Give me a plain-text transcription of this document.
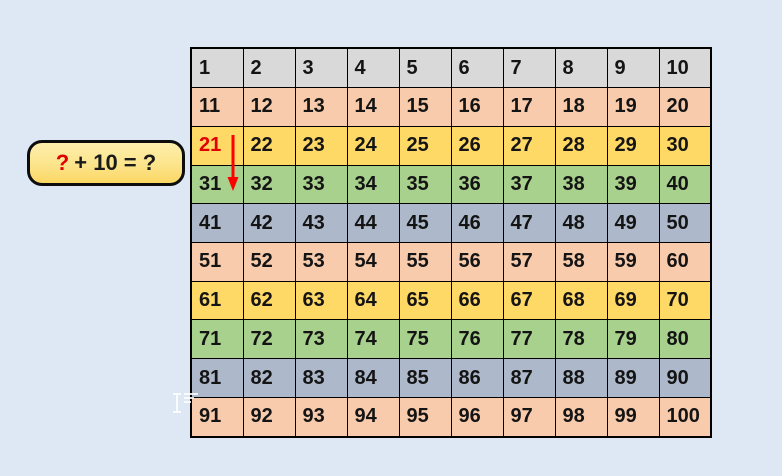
? + 10 = ?
1	2	3	4	5	6	7	8	9	10
11	12	13	14	15	16	17	18	19	20
21	22	23	24	25	26	27	28	29	30
31	32	33	34	35	36	37	38	39	40
41	42	43	44	45	46	47	48	49	50
51	52	53	54	55	56	57	58	59	60
61	62	63	64	65	66	67	68	69	70
71	72	73	74	75	76	77	78	79	80
81	82	83	84	85	86	87	88	89	90
91	92	93	94	95	96	97	98	99	100
